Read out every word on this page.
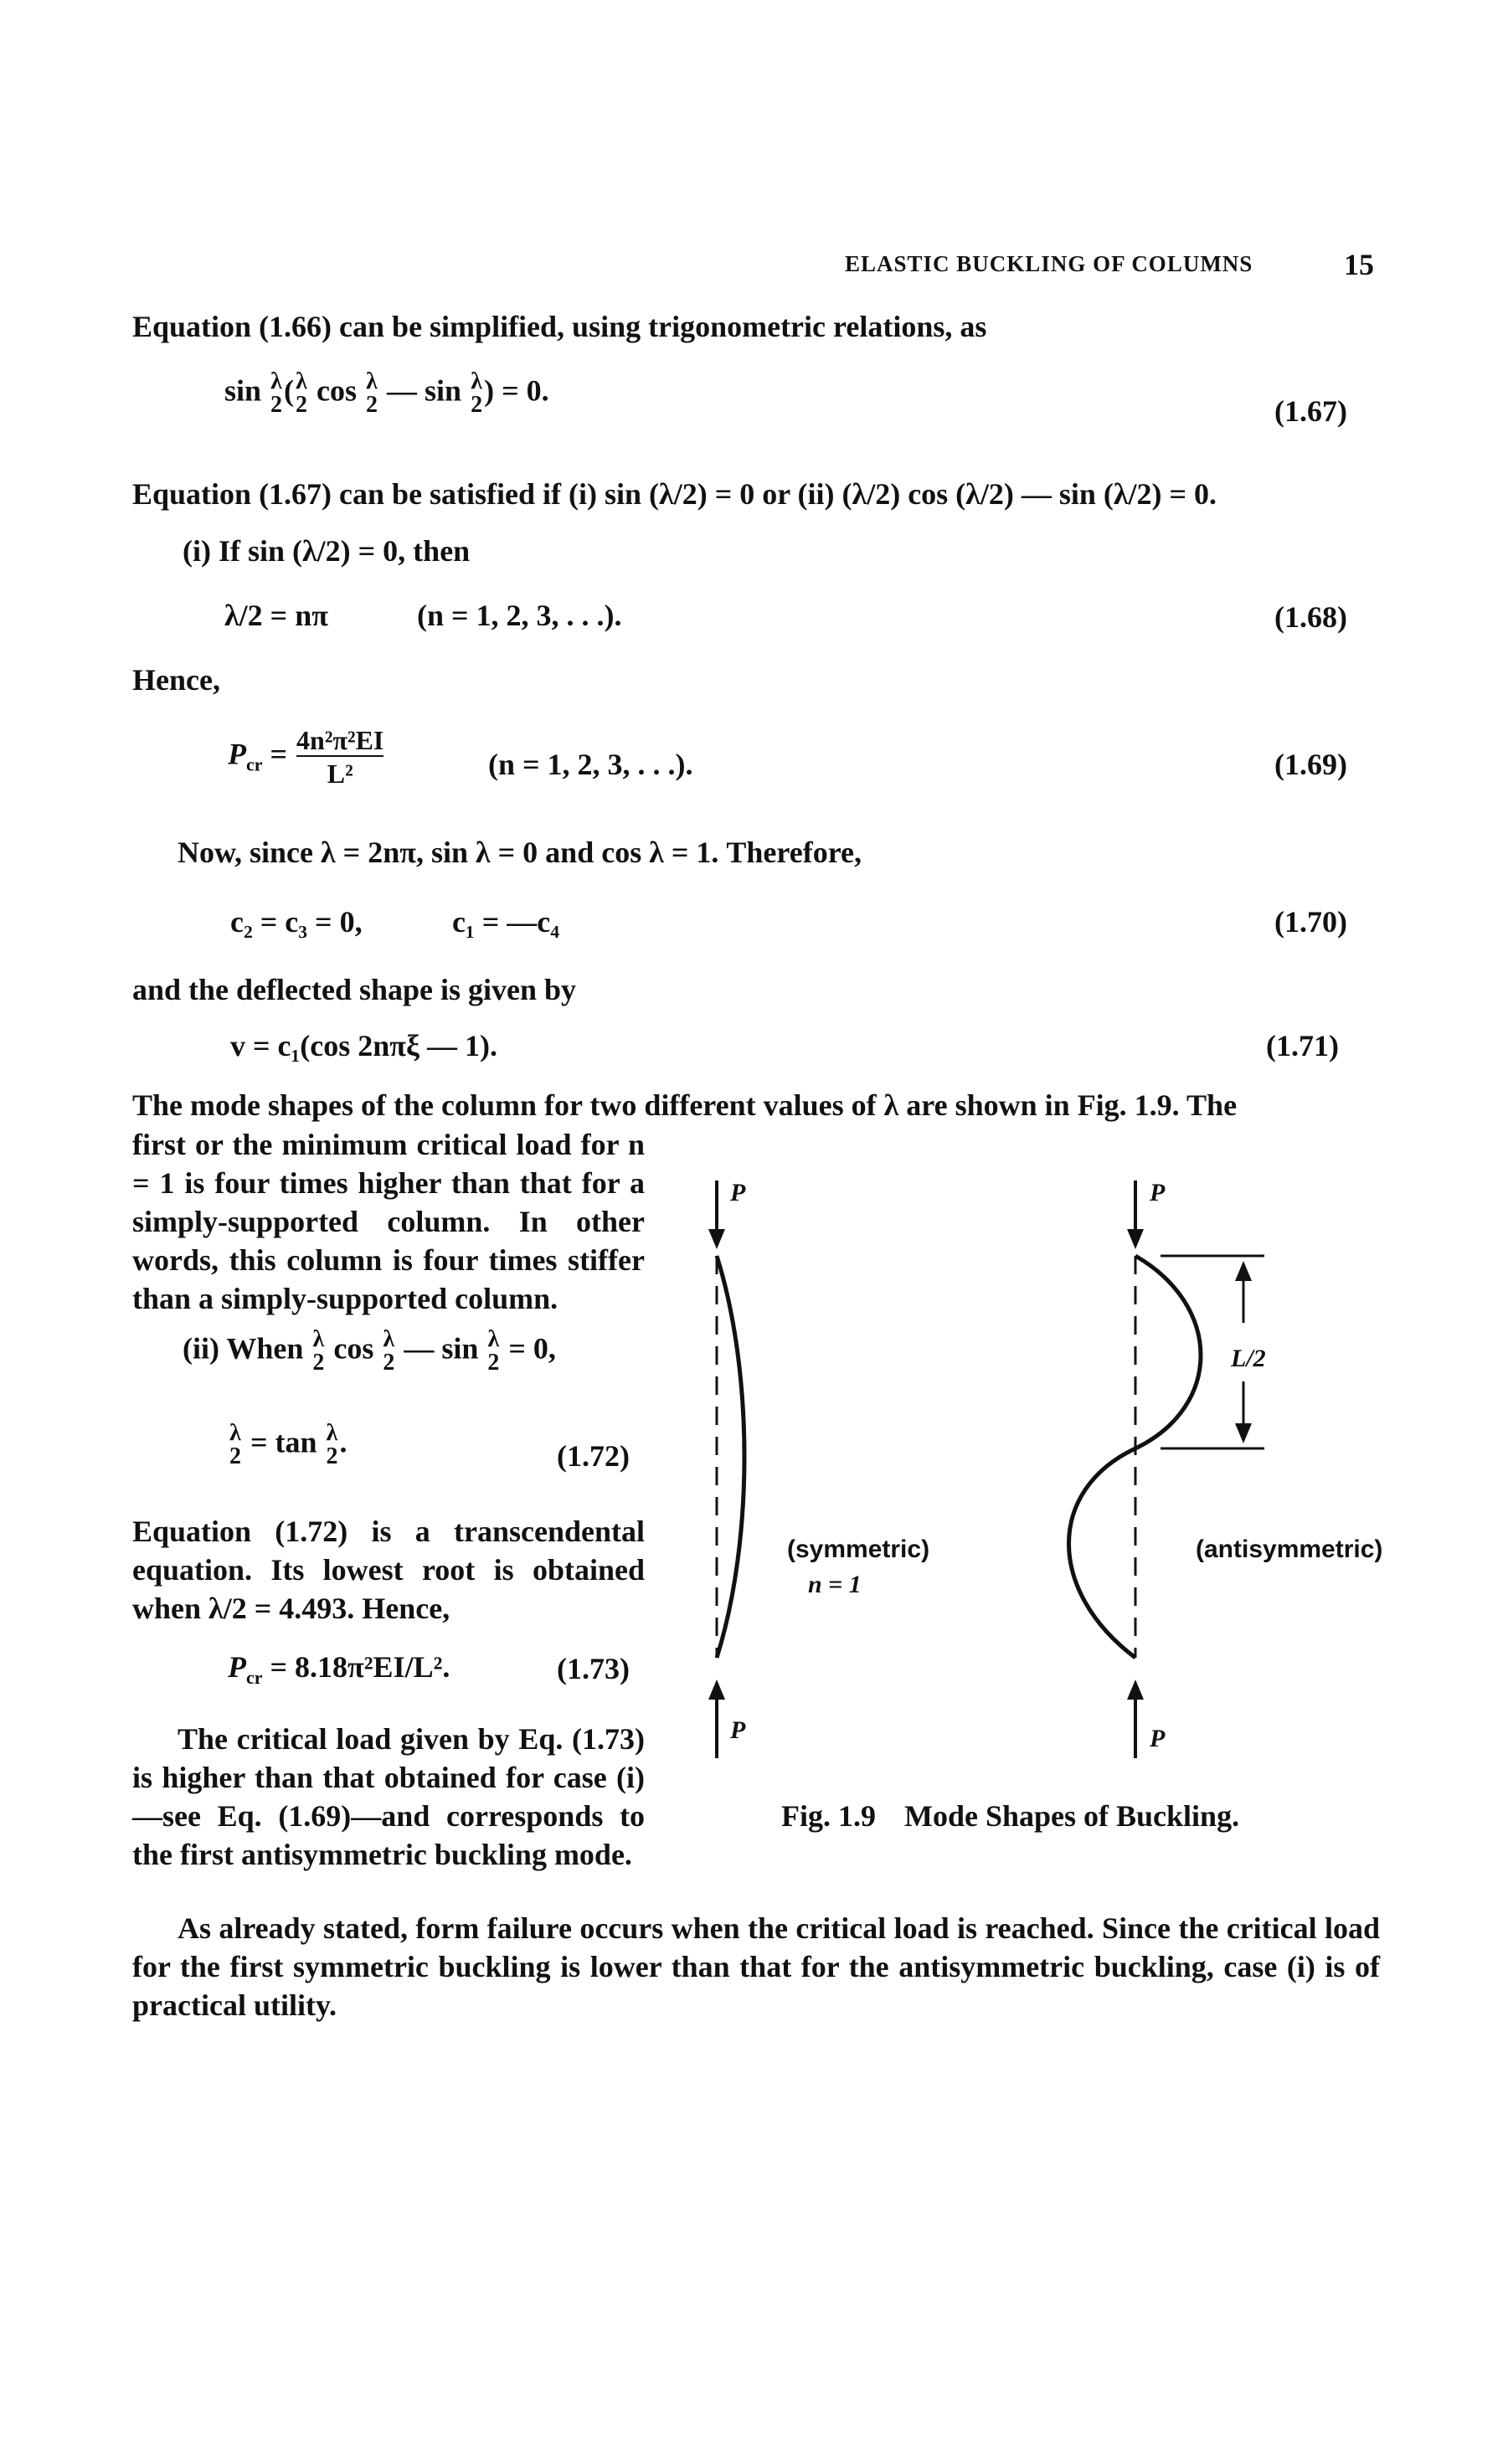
ELASTIC BUCKLING OF COLUMNS	15
Equation (1.66) can be simplified, using trigonometric relations, as
sin λ
2 ( λ
2 cos λ
2 — sin λ
2 ) = 0.
(1.67)
Equation (1.67) can be satisfied if (i) sin (λ/2) = 0 or (ii) (λ/2) cos (λ/2) — sin (λ/2) = 0.
(i) If sin (λ/2) = 0, then
λ/2 = nπ	(n = 1, 2, 3, . . .).	(1.68)
Hence,
$P_{cr} = \frac{\text{4n²π²EI}}{\text{L²}}$	(n = 1, 2, 3, . . .).	(1.69)
Now, since λ = 2nπ, sin λ = 0 and cos λ = 1. Therefore,
c₂ = c₃ = 0,	c₁ = —c₄	(1.70)
and the deflected shape is given by
v = c₁(cos 2nπξ — 1).	(1.71)
The mode shapes of the column for two different values of λ are shown in Fig. 1.9. The
first or the minimum critical load for n = 1 is four times higher than that for a simply-supported column. In other words, this column is four times stiffer than a simply-supported column.
(ii) When λ
2 cos λ
2 — sin λ
2 = 0,
λ
2 = tan λ
2 .	(1.72)
Equation (1.72) is a transcendental equation. Its lowest root is obtained when λ/2 = 4.493. Hence,
$P_{cr} = 8.18\pi^2EI/L^2$.	(1.73)
The critical load given by Eq. (1.73) is higher than that obtained for case (i)—see Eq. (1.69)—and corresponds to the first antisymmetric buckling mode.
As already stated, form failure occurs when the critical load is reached. Since the critical load for the first symmetric buckling is lower than that for the antisymmetric buckling, case (i) is of practical utility.
P	P
P	P
L/2
(symmetric)
n = 1
(antisymmetric)
Fig. 1.9 Mode Shapes of Buckling.
